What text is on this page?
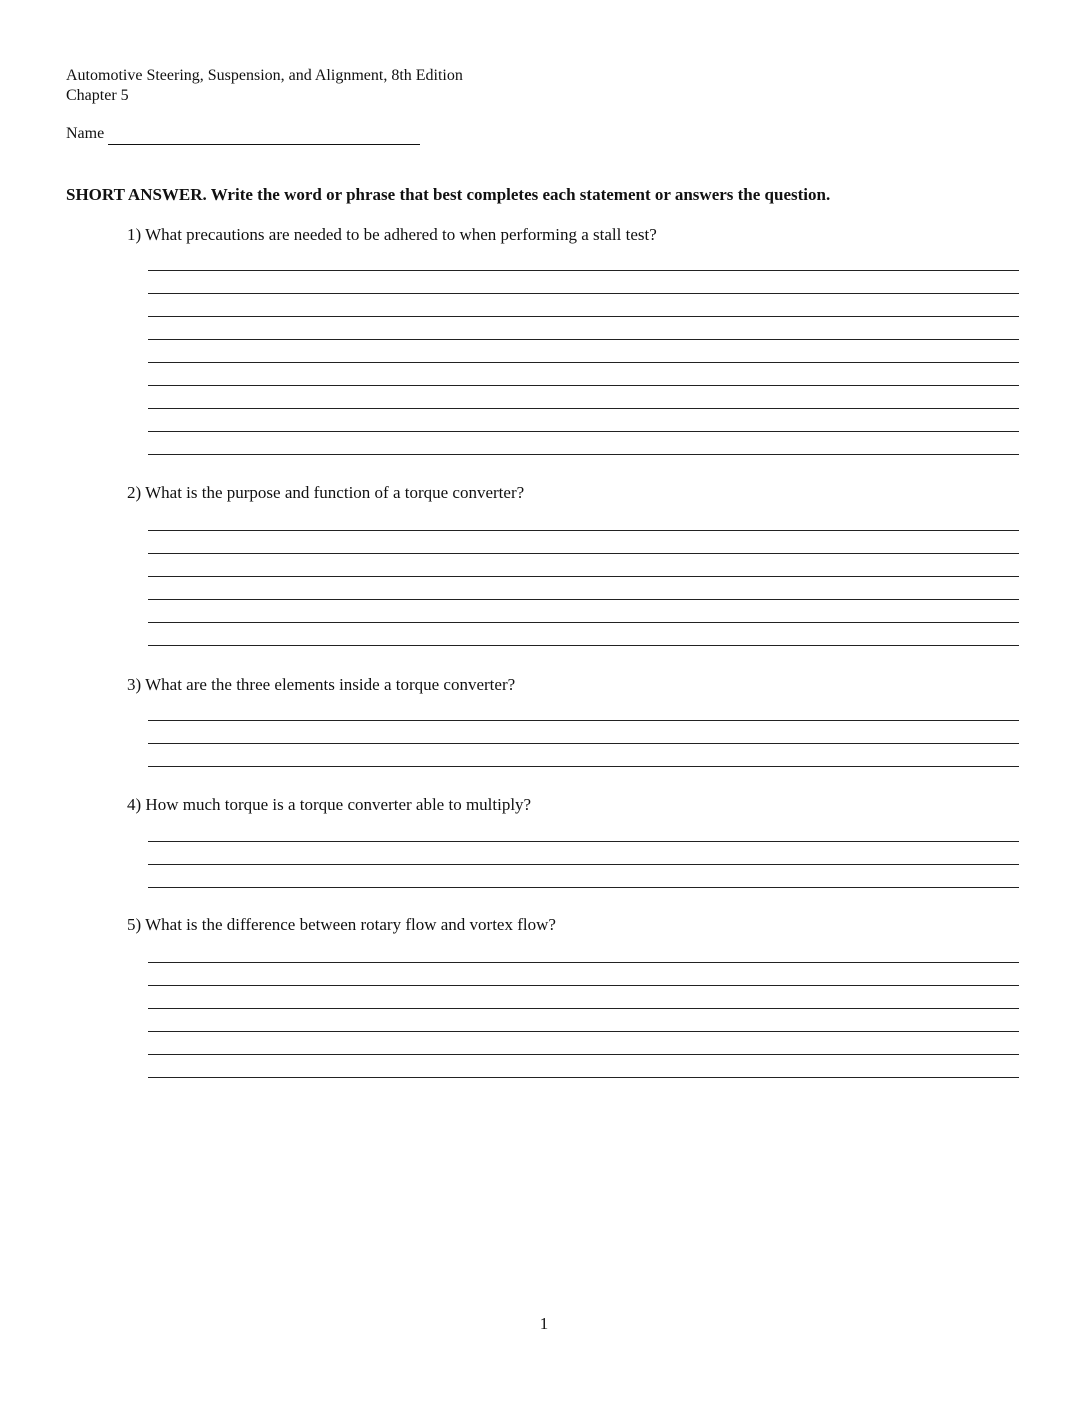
Automotive Steering, Suspension, and Alignment, 8th Edition
Chapter 5
Name
SHORT ANSWER. Write the word or phrase that best completes each statement or answers the question.
1) What precautions are needed to be adhered to when performing a stall test?
2) What is the purpose and function of a torque converter?
3) What are the three elements inside a torque converter?
4) How much torque is a torque converter able to multiply?
5) What is the difference between rotary flow and vortex flow?
1
